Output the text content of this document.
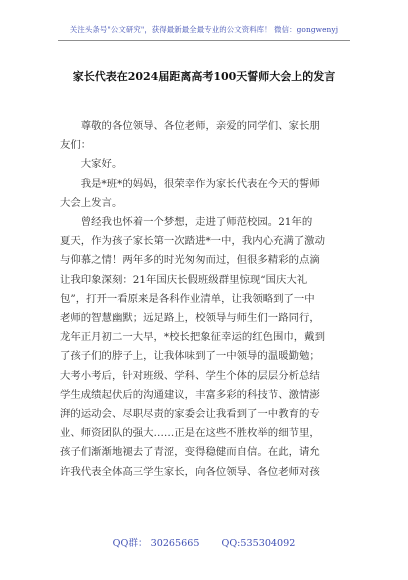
关注头条号"公文研究"，获得最新最全最专业的公文资料库！ 微信：gongwenyj
家长代表在2024届距离高考100天誓师大会上的发言

　　尊敬的各位领导、各位老师，亲爱的同学们、家长朋

友们：

　　大家好。

　　我是*班*的妈妈，很荣幸作为家长代表在今天的誓师

大会上发言。

　　曾经我也怀着一个梦想，走进了师范校园。21年的

夏天，作为孩子家长第一次踏进*一中，我内心充满了激动

与仰慕之情！两年多的时光匆匆而过，但很多精彩的点滴

让我印象深刻：21年国庆长假班级群里惊现“国庆大礼

包”，打开一看原来是各科作业清单，让我领略到了一中

老师的智慧幽默；远足路上，校领导与师生们一路同行，

龙年正月初二一大早，*校长把象征幸运的红色围巾，戴到

了孩子们的脖子上，让我体味到了一中领导的温暖勤勉；

大考小考后，针对班级、学科、学生个体的层层分析总结

学生成绩起伏后的沟通建议，丰富多彩的科技节、激情澎

湃的运动会、尽职尽责的家委会让我看到了一中教育的专

业、师资团队的强大……正是在这些不胜枚举的细节里，

孩子们渐渐地褪去了青涩，变得稳健而自信。在此，请允

许我代表全体高三学生家长，向各位领导、各位老师对孩

QQ群： 30265665 QQ:535304092
